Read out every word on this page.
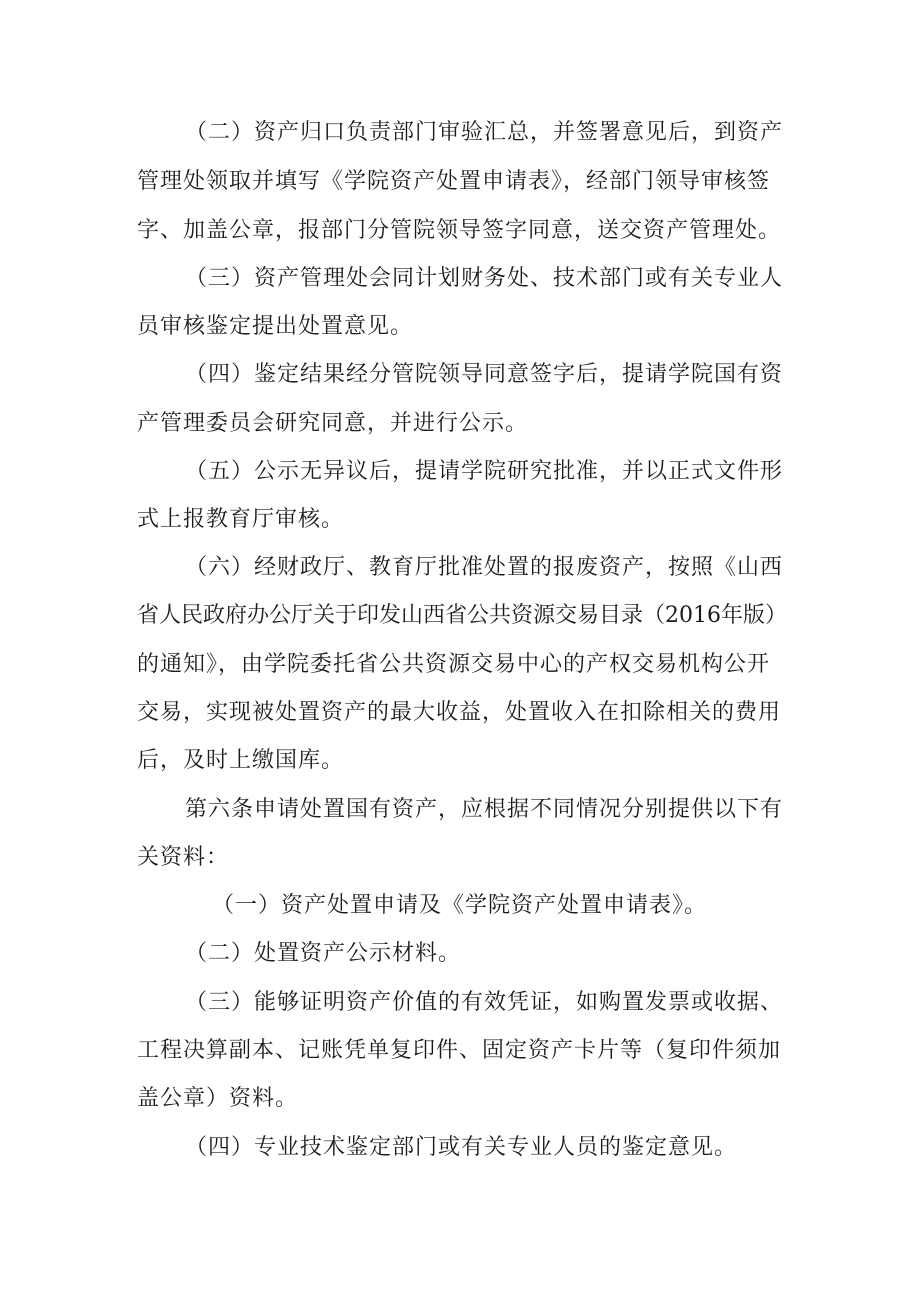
（二）资产归口负责部门审验汇总，并签署意见后，到资产

管理处领取并填写《学院资产处置申请表》，经部门领导审核签

字、加盖公章，报部门分管院领导签字同意，送交资产管理处。

（三）资产管理处会同计划财务处、技术部门或有关专业人

员审核鉴定提出处置意见。

（四）鉴定结果经分管院领导同意签字后，提请学院国有资

产管理委员会研究同意，并进行公示。

（五）公示无异议后，提请学院研究批准，并以正式文件形

式上报教育厅审核。

（六）经财政厅、教育厅批准处置的报废资产，按照《山西

省人民政府办公厅关于印发山西省公共资源交易目录（2016年版）

的通知》，由学院委托省公共资源交易中心的产权交易机构公开

交易，实现被处置资产的最大收益，处置收入在扣除相关的费用

后，及时上缴国库。

第六条申请处置国有资产，应根据不同情况分别提供以下有

关资料：

（一）资产处置申请及《学院资产处置申请表》。

（二）处置资产公示材料。

（三）能够证明资产价值的有效凭证，如购置发票或收据、

工程决算副本、记账凭单复印件、固定资产卡片等（复印件须加

盖公章）资料。

（四）专业技术鉴定部门或有关专业人员的鉴定意见。
